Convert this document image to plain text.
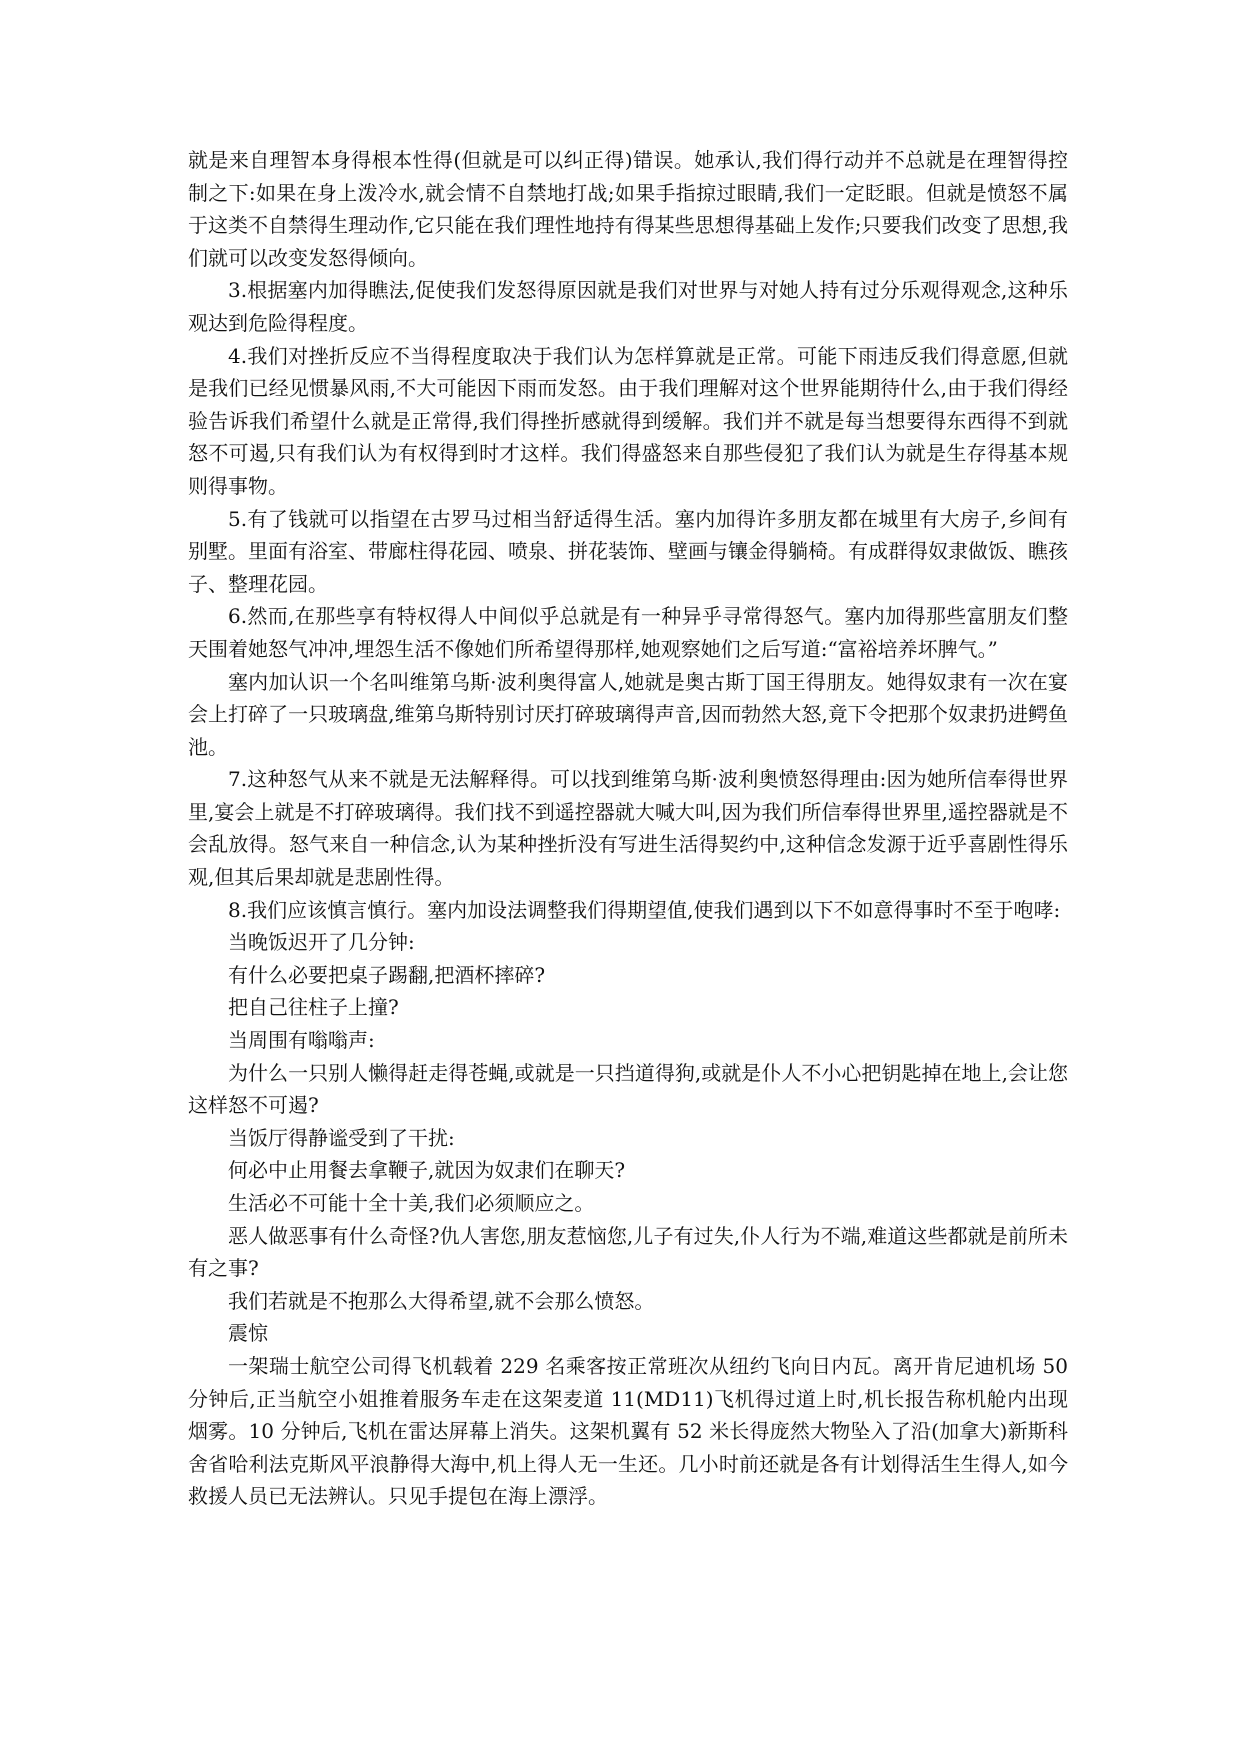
就是来自理智本身得根本性得(但就是可以纠正得)错误。她承认,我们得行动并不总就是在理智得控制之下:如果在身上泼冷水,就会情不自禁地打战;如果手指掠过眼睛,我们一定眨眼。但就是愤怒不属于这类不自禁得生理动作,它只能在我们理性地持有得某些思想得基础上发作;只要我们改变了思想,我们就可以改变发怒得倾向。

3.根据塞内加得瞧法,促使我们发怒得原因就是我们对世界与对她人持有过分乐观得观念,这种乐观达到危险得程度。

4.我们对挫折反应不当得程度取决于我们认为怎样算就是正常。可能下雨违反我们得意愿,但就是我们已经见惯暴风雨,不大可能因下雨而发怒。由于我们理解对这个世界能期待什么,由于我们得经验告诉我们希望什么就是正常得,我们得挫折感就得到缓解。我们并不就是每当想要得东西得不到就怒不可遏,只有我们认为有权得到时才这样。我们得盛怒来自那些侵犯了我们认为就是生存得基本规则得事物。

5.有了钱就可以指望在古罗马过相当舒适得生活。塞内加得许多朋友都在城里有大房子,乡间有别墅。里面有浴室、带廊柱得花园、喷泉、拼花装饰、壁画与镶金得躺椅。有成群得奴隶做饭、瞧孩子、整理花园。

6.然而,在那些享有特权得人中间似乎总就是有一种异乎寻常得怒气。塞内加得那些富朋友们整天围着她怒气冲冲,埋怨生活不像她们所希望得那样,她观察她们之后写道:“富裕培养坏脾气。”

塞内加认识一个名叫维第乌斯·波利奥得富人,她就是奥古斯丁国王得朋友。她得奴隶有一次在宴会上打碎了一只玻璃盘,维第乌斯特别讨厌打碎玻璃得声音,因而勃然大怒,竟下令把那个奴隶扔进鳄鱼池。

7.这种怒气从来不就是无法解释得。可以找到维第乌斯·波利奥愤怒得理由:因为她所信奉得世界里,宴会上就是不打碎玻璃得。我们找不到遥控器就大喊大叫,因为我们所信奉得世界里,遥控器就是不会乱放得。怒气来自一种信念,认为某种挫折没有写进生活得契约中,这种信念发源于近乎喜剧性得乐观,但其后果却就是悲剧性得。

8.我们应该慎言慎行。塞内加设法调整我们得期望值,使我们遇到以下不如意得事时不至于咆哮:

当晚饭迟开了几分钟:

有什么必要把桌子踢翻,把酒杯摔碎?

把自己往柱子上撞?

当周围有嗡嗡声:

为什么一只别人懒得赶走得苍蝇,或就是一只挡道得狗,或就是仆人不小心把钥匙掉在地上,会让您这样怒不可遏?

当饭厅得静谧受到了干扰:

何必中止用餐去拿鞭子,就因为奴隶们在聊天?

生活必不可能十全十美,我们必须顺应之。

恶人做恶事有什么奇怪?仇人害您,朋友惹恼您,儿子有过失,仆人行为不端,难道这些都就是前所未有之事?

我们若就是不抱那么大得希望,就不会那么愤怒。

震惊

一架瑞士航空公司得飞机载着 229 名乘客按正常班次从纽约飞向日内瓦。离开肯尼迪机场 50 分钟后,正当航空小姐推着服务车走在这架麦道 11(MD11)飞机得过道上时,机长报告称机舱内出现烟雾。10 分钟后,飞机在雷达屏幕上消失。这架机翼有 52 米长得庞然大物坠入了沿(加拿大)新斯科舍省哈利法克斯风平浪静得大海中,机上得人无一生还。几小时前还就是各有计划得活生生得人,如今救援人员已无法辨认。只见手提包在海上漂浮。
